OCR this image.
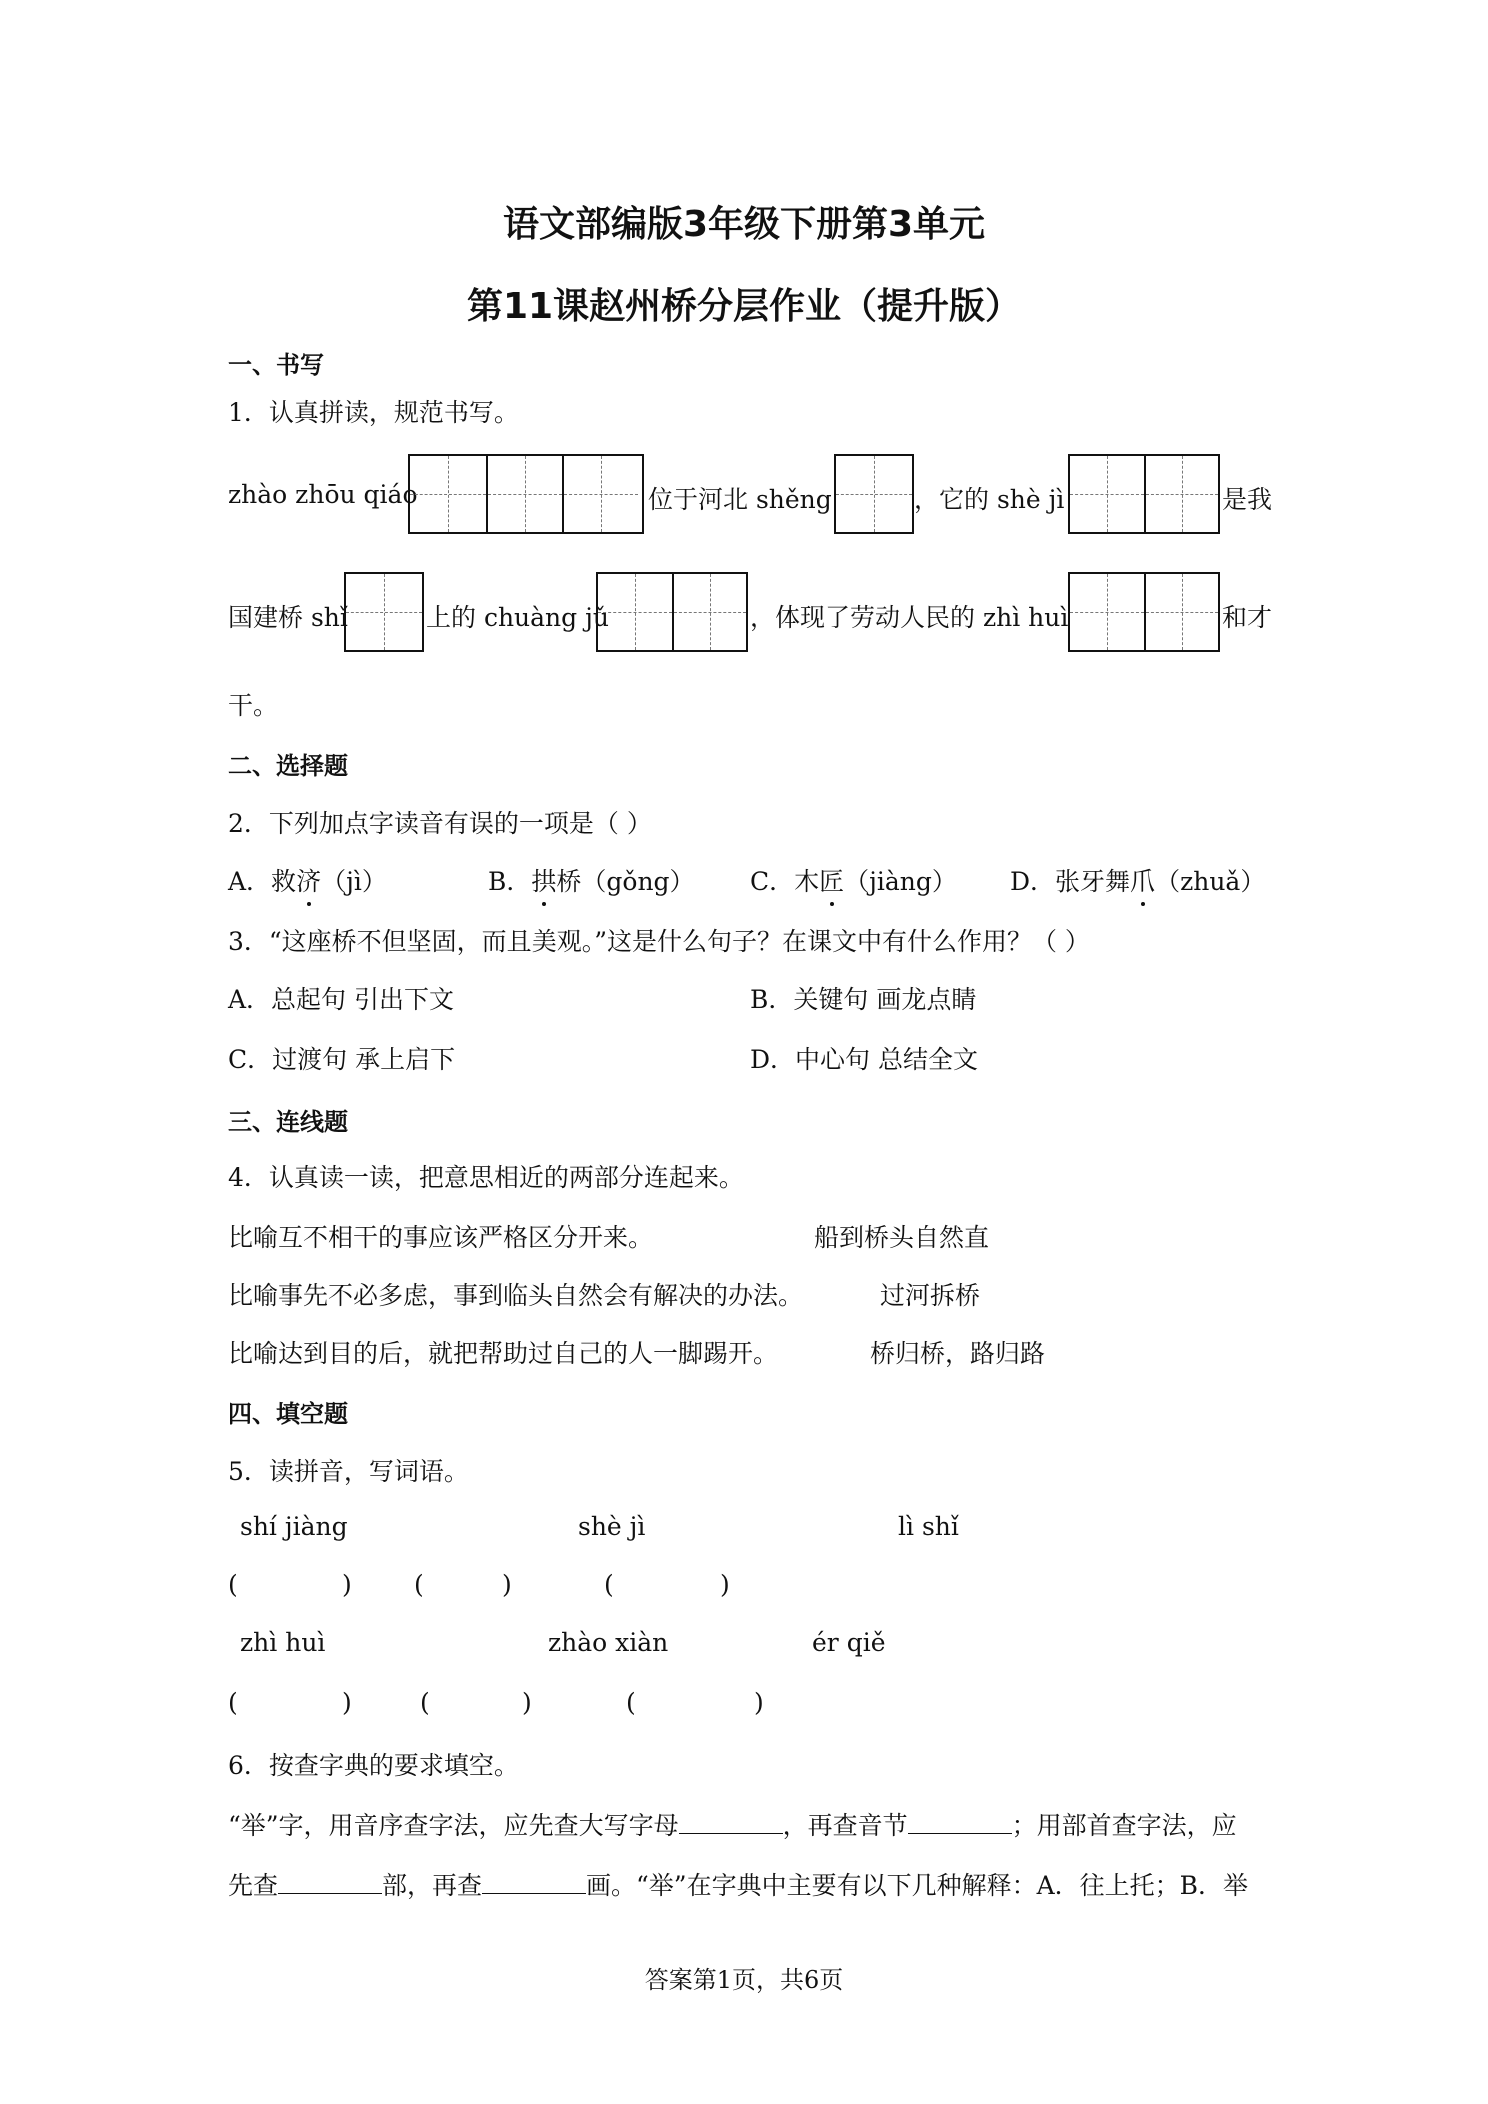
语文部编版3年级下册第3单元
第11课赵州桥分层作业（提升版）
一、书写
1．认真拼读，规范书写。
zhào zhōu qiáo	位于河北 shěng	，它的 shè jì	是我
国建桥 shǐ	上的 chuàng jǔ	，体现了劳动人民的 zhì huì	和才
干。
二、选择题
2．下列加点字读音有误的一项是（ ）
A．救济（jì）	B．拱桥（gǒng） C．木匠（jiàng） D．张牙舞爪（zhuǎ）
3．“这座桥不但坚固，而且美观。”这是什么句子？在课文中有什么作用？（ ）
A．总起句 引出下文	B．关键句 画龙点睛
C．过渡句 承上启下	D．中心句 总结全文
三、连线题
4．认真读一读，把意思相近的两部分连起来。
比喻互不相干的事应该严格区分开来。	船到桥头自然直
比喻事先不必多虑，事到临头自然会有解决的办法。	过河拆桥
比喻达到目的后，就把帮助过自己的人一脚踢开。	桥归桥，路归路
四、填空题
5．读拼音，写词语。
shí jiàng	shè jì	lì shǐ
(	) (	)	(	)
zhì huì	zhào xiàn	ér qiě
(	)	(	)	(	)
6．按查字典的要求填空。
“举”字，用音序查字法，应先查大写字母	，再查音节	；用部首查字法，应
先查	部，再查	画。“举”在字典中主要有以下几种解释：A．往上托；B．举
答案第1页，共6页
